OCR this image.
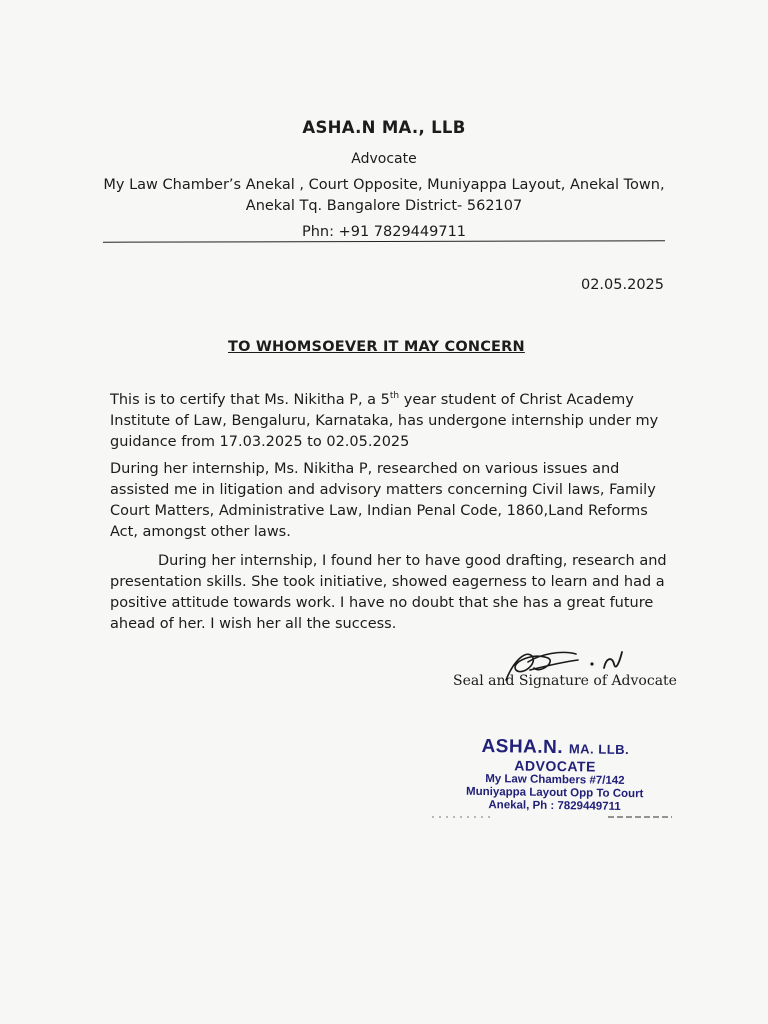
ASHA.N MA., LLB
Advocate
My Law Chamber’s Anekal , Court Opposite, Muniyappa Layout, Anekal Town,
Anekal Tq. Bangalore District- 562107
Phn: +91 7829449711
02.05.2025
TO WHOMSOEVER IT MAY CONCERN

This is to certify that Ms. Nikitha P, a 5th year student of Christ Academy Institute of Law, Bengaluru, Karnataka, has undergone internship under my guidance from 17.03.2025 to 02.05.2025

During her internship, Ms. Nikitha P, researched on various issues and assisted me in litigation and advisory matters concerning Civil laws, Family Court Matters, Administrative Law, Indian Penal Code, 1860,Land Reforms Act, amongst other laws.

During her internship, I found her to have good drafting, research and presentation skills. She took initiative, showed eagerness to learn and had a positive attitude towards work. I have no doubt that she has a great future ahead of her. I wish her all the success.

Seal and Signature of Advocate
ASHA.N. MA. LLB.
ADVOCATE
My Law Chambers #7/142
Muniyappa Layout Opp To Court
Anekal, Ph : 7829449711
